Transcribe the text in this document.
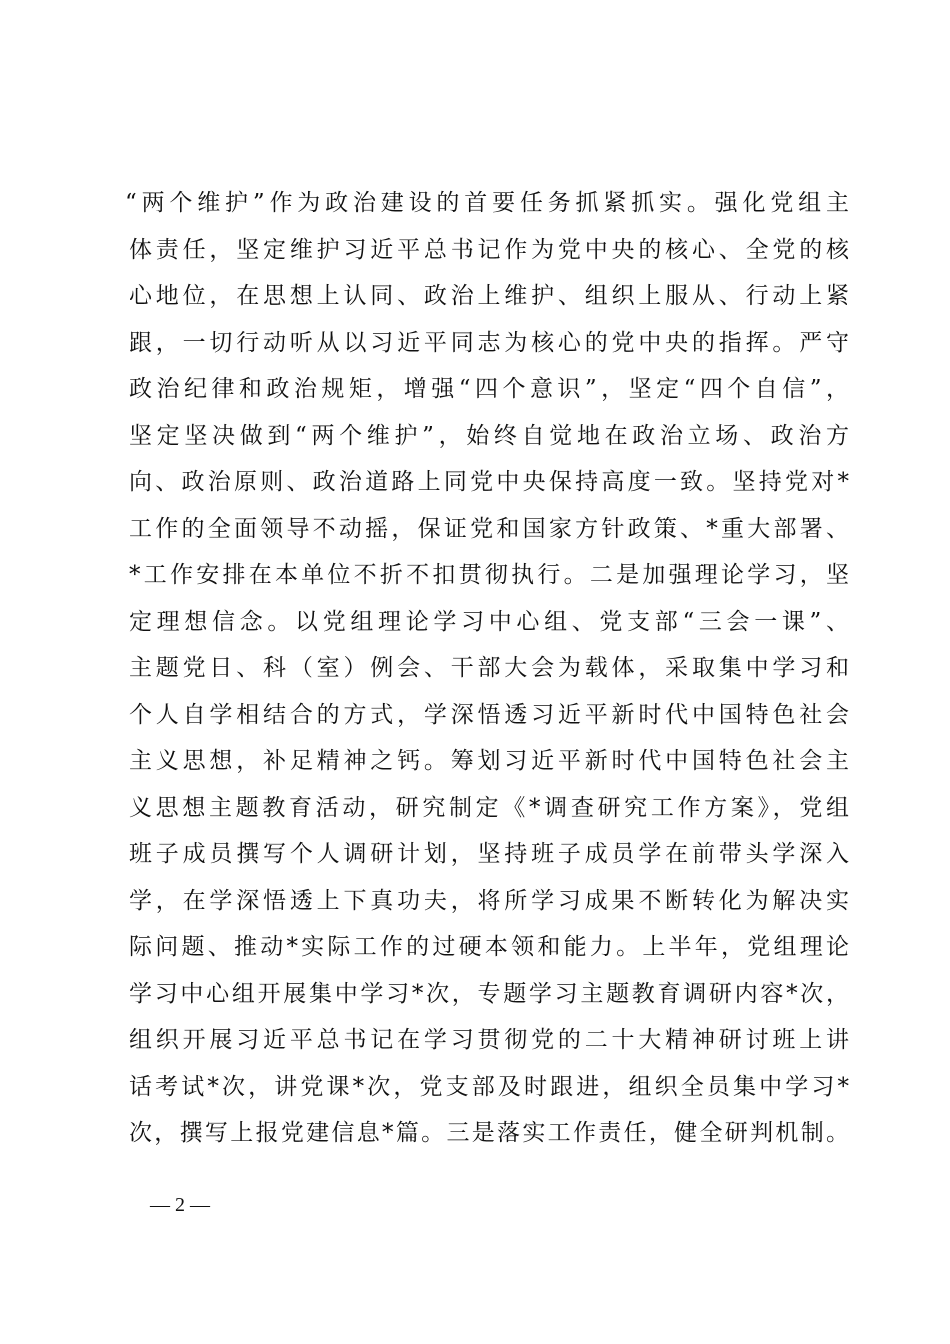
“两个维护”作为政治建设的首要任务抓紧抓实。强化党组主
体责任，坚定维护习近平总书记作为党中央的核心、全党的核
心地位，在思想上认同、政治上维护、组织上服从、行动上紧
跟，一切行动听从以习近平同志为核心的党中央的指挥。严守
政治纪律和政治规矩，增强“四个意识”，坚定“四个自信”，
坚定坚决做到“两个维护”，始终自觉地在政治立场、政治方
向、政治原则、政治道路上同党中央保持高度一致。坚持党对*
工作的全面领导不动摇，保证党和国家方针政策、*重大部署、
*工作安排在本单位不折不扣贯彻执行。二是加强理论学习，坚
定理想信念。以党组理论学习中心组、党支部“三会一课”、
主题党日、科（室）例会、干部大会为载体，采取集中学习和
个人自学相结合的方式，学深悟透习近平新时代中国特色社会
主义思想，补足精神之钙。筹划习近平新时代中国特色社会主
义思想主题教育活动，研究制定《*调查研究工作方案》，党组
班子成员撰写个人调研计划，坚持班子成员学在前带头学深入
学，在学深悟透上下真功夫，将所学习成果不断转化为解决实
际问题、推动*实际工作的过硬本领和能力。上半年，党组理论
学习中心组开展集中学习*次，专题学习主题教育调研内容*次，
组织开展习近平总书记在学习贯彻党的二十大精神研讨班上讲
话考试*次，讲党课*次，党支部及时跟进，组织全员集中学习*
次，撰写上报党建信息*篇。三是落实工作责任，健全研判机制。
— 2 —
